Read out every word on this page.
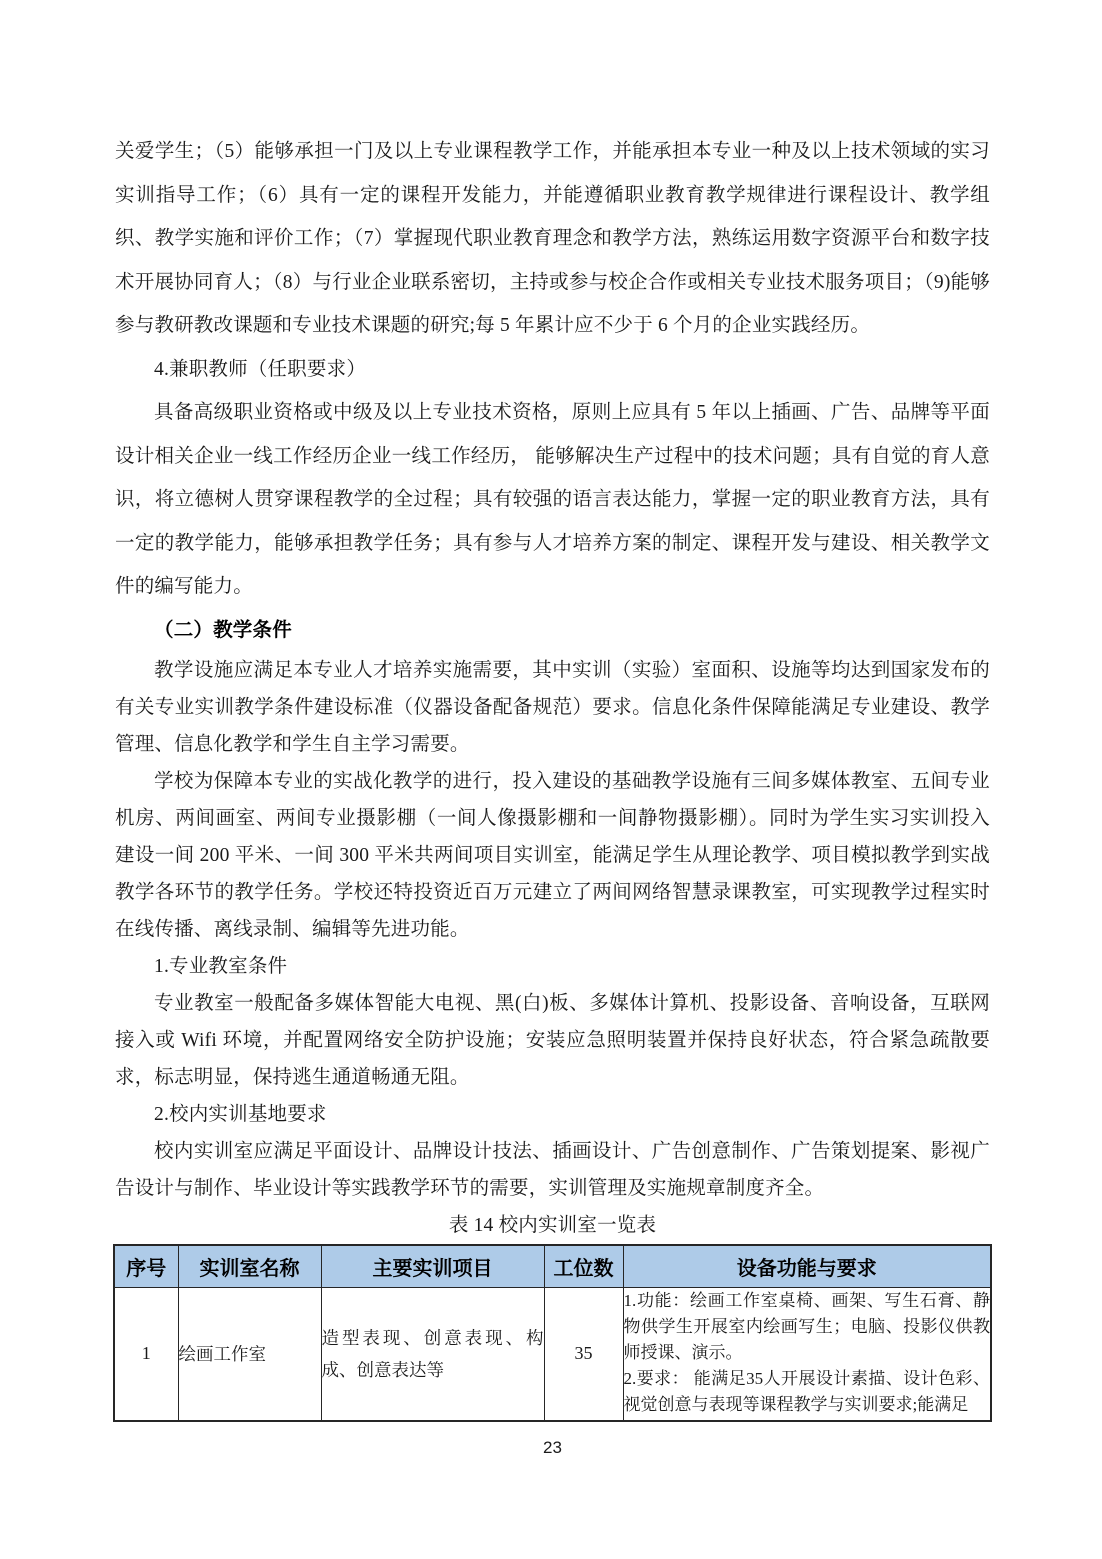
关爱学生；（5）能够承担一门及以上专业课程教学工作，并能承担本专业一种及以上技术领域的实习实训指导工作；（6）具有一定的课程开发能力，并能遵循职业教育教学规律进行课程设计、教学组织、教学实施和评价工作；（7）掌握现代职业教育理念和教学方法，熟练运用数字资源平台和数字技术开展协同育人；（8）与行业企业联系密切，主持或参与校企合作或相关专业技术服务项目；（9)能够参与教研教改课题和专业技术课题的研究;每 5 年累计应不少于 6 个月的企业实践经历。

4.兼职教师（任职要求）

具备高级职业资格或中级及以上专业技术资格，原则上应具有 5 年以上插画、广告、品牌等平面设计相关企业一线工作经历企业一线工作经历， 能够解决生产过程中的技术问题；具有自觉的育人意识，将立德树人贯穿课程教学的全过程；具有较强的语言表达能力，掌握一定的职业教育方法，具有一定的教学能力，能够承担教学任务；具有参与人才培养方案的制定、课程开发与建设、相关教学文件的编写能力。

（二）教学条件

教学设施应满足本专业人才培养实施需要，其中实训（实验）室面积、设施等均达到国家发布的有关专业实训教学条件建设标准（仪器设备配备规范）要求。信息化条件保障能满足专业建设、教学管理、信息化教学和学生自主学习需要。

学校为保障本专业的实战化教学的进行，投入建设的基础教学设施有三间多媒体教室、五间专业机房、两间画室、两间专业摄影棚（一间人像摄影棚和一间静物摄影棚）。同时为学生实习实训投入建设一间 200 平米、一间 300 平米共两间项目实训室，能满足学生从理论教学、项目模拟教学到实战教学各环节的教学任务。学校还特投资近百万元建立了两间网络智慧录课教室，可实现教学过程实时在线传播、离线录制、编辑等先进功能。

1.专业教室条件

专业教室一般配备多媒体智能大电视、黑(白)板、多媒体计算机、投影设备、音响设备，互联网接入或 Wifi 环境，并配置网络安全防护设施；安装应急照明装置并保持良好状态，符合紧急疏散要求，标志明显，保持逃生通道畅通无阻。

2.校内实训基地要求

校内实训室应满足平面设计、品牌设计技法、插画设计、广告创意制作、广告策划提案、影视广告设计与制作、毕业设计等实践教学环节的需要，实训管理及实施规章制度齐全。

表 14 校内实训室一览表

序号	实训室名称	主要实训项目	工位数	设备功能与要求
1	绘画工作室	造型表现、创意表现、构成、创意表达等	35	1.功能：绘画工作室桌椅、画架、写生石膏、静物供学生开展室内绘画写生；电脑、投影仪供教师授课、演示。
2.要求： 能满足35人开展设计素描、设计色彩、视觉创意与表现等课程教学与实训要求;能满足
23
